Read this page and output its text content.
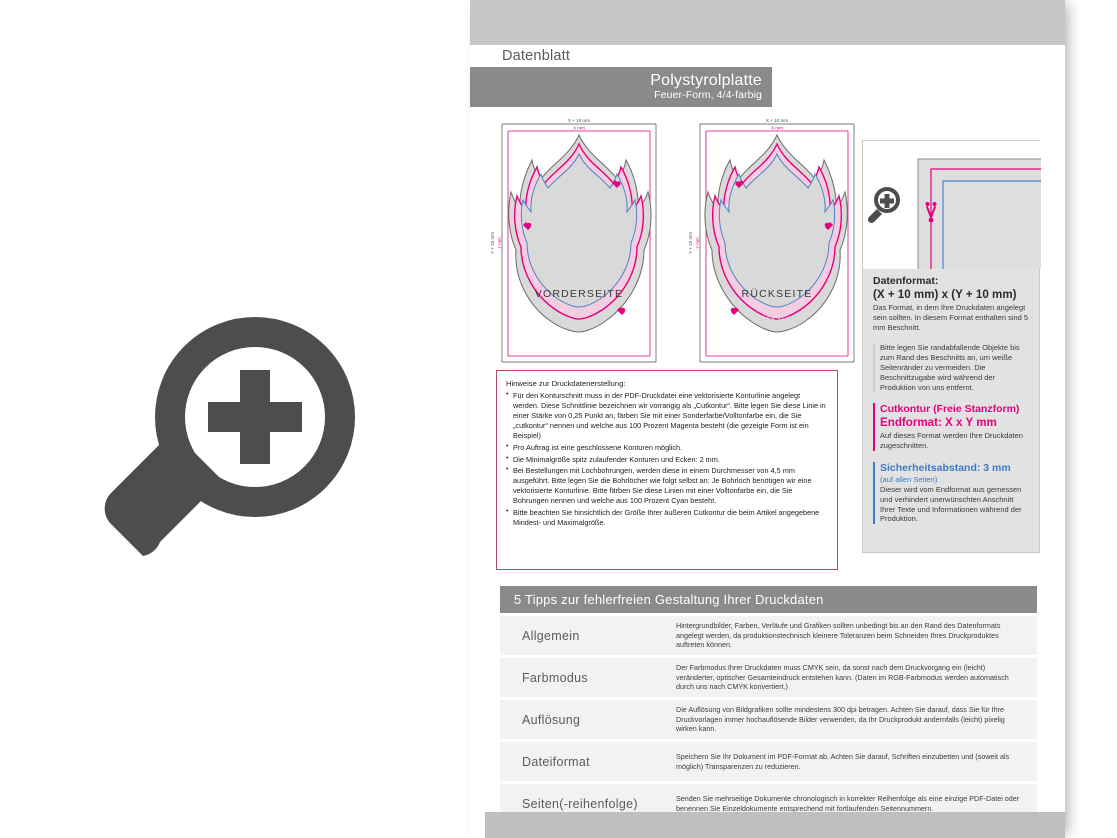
Datenblatt
Polystyrolplatte
Feuer-Form, 4/4-farbig
X + 10 mm
X mm
Y + 10 mm Y mm
VORDERSEITE
X + 10 mm
X mm
Y + 10 mm Y mm
RÜCKSEITE
RÜCKSEITE
Hinweise zur Druckdatenerstellung:
• Für den Konturschnitt muss in der PDF-Druckdatei eine vektorisierte Konturlinie angelegt werden. Diese Schnittlinie bezeichnen wir vorrangig als „Cutkontur“. Bitte legen Sie diese Linie in einer Stärke von 0,25 Punkt an, färben Sie mit einer Sonderfarbe/Volltonfarbe ein, die Sie „cutkontur“ nennen und welche aus 100 Prozent Magenta besteht (die gezeigte Form ist ein Beispiel)
• Pro Auftrag ist eine geschlossene Konturen möglich.
• Die Minimalgröße spitz zulaufender Konturen und Ecken: 2 mm.
• Bei Bestellungen mit Lochbohrungen, werden diese in einem Durchmesser von 4,5 mm ausgeführt. Bitte legen Sie die Bohrlöcher wie folgt selbst an: Je Bohrloch benötigen wir eine vektorisierte Konturlinie. Bitte färben Sie diese Linien mit einer Volltonfarbe ein, die Sie Bohrungen nennen und welche aus 100 Prozent Cyan besteht.
• Bitte beachten Sie hinsichtlich der Größe Ihrer äußeren Cutkontur die beim Artikel angegebene Mindest- und Maximalgröße.
Datenformat:
(X + 10 mm) x (Y + 10 mm)

Das Format, in dem Ihre Druckdaten angelegt sein sollten. In diesem Format enthalten sind 5 mm Beschnitt.

Bitte legen Sie randabfallende Objekte bis zum Rand des Beschnitts an, um weiße Seitenränder zu vermeiden. Die Beschnittzugabe wird während der Produktion von uns entfernt.

Cutkontur (Freie Stanzform)
Endformat: X x Y mm

Auf dieses Format werden Ihre Druckdaten zugeschnitten.

Sicherheitsabstand: 3 mm
(auf allen Seiten)

Dieser wird vom Endformat aus gemessen und verhindert unerwünschten Anschnitt Ihrer Texte und Informationen während der Produktion.

5 Tipps zur fehlerfreien Gestaltung Ihrer Druckdaten
Allgemein
Hintergrundbilder, Farben, Verläufe und Grafiken sollten unbedingt bis an den Rand des Datenformats angelegt werden, da produktionstechnisch kleinere Toleranzen beim Schneiden Ihres Druckproduktes auftreten können.
Farbmodus
Der Farbmodus Ihrer Druckdaten muss CMYK sein, da sonst nach dem Druckvorgang ein (leicht) veränderter, optischer Gesamteindruck entstehen kann. (Daten im RGB-Farbmodus werden automatisch durch uns nach CMYK konvertiert.)
Auflösung
Die Auflösung von Bildgrafiken sollte mindestens 300 dpi betragen. Achten Sie darauf, dass Sie für Ihre Druckvorlagen immer hochauflösende Bilder verwenden, da Ihr Druckprodukt andernfalls (leicht) pixelig wirken kann.
Dateiformat	Speichern Sie Ihr Dokument im PDF-Format ab. Achten Sie darauf, Schriften einzubetten und (soweit als möglich) Transparenzen zu reduzieren.
Seiten(-reihenfolge)	Senden Sie mehrseitige Dokumente chronologisch in korrekter Reihenfolge als eine einzige PDF-Datei oder benennen Sie Einzeldokumente entsprechend mit fortlaufenden Seitennummern.
